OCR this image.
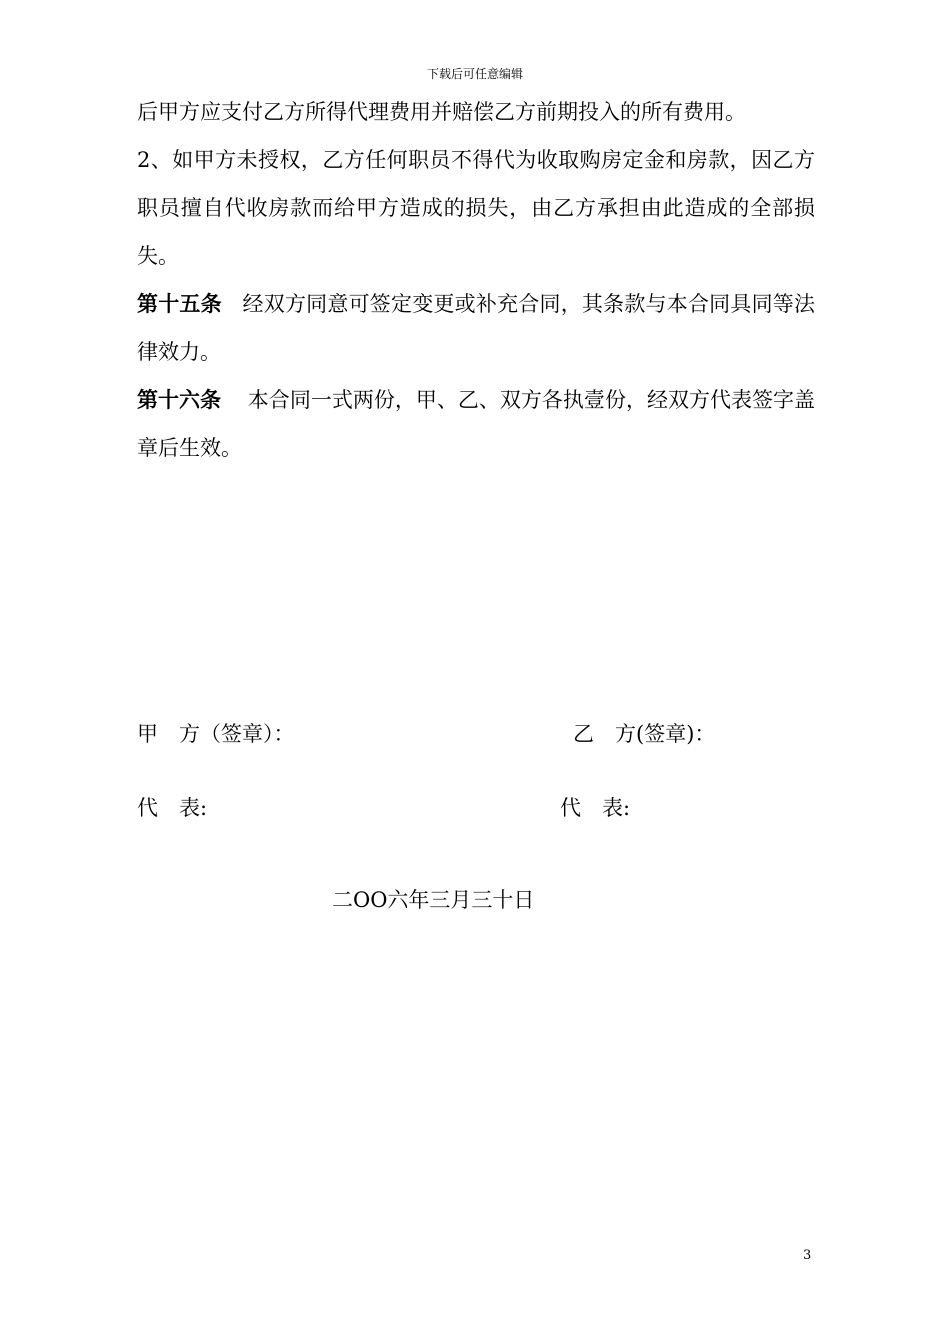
下载后可任意编辑

后甲方应支付乙方所得代理费用并赔偿乙方前期投入的所有费用。

2、如甲方未授权，乙方任何职员不得代为收取购房定金和房款，因乙方职员擅自代收房款而给甲方造成的损失，由乙方承担由此造成的全部损失。

第十五条 经双方同意可签定变更或补充合同，其条款与本合同具同等法律效力。

第十六条 本合同一式两份，甲、乙、双方各执壹份，经双方代表签字盖章后生效。

甲　方（签章）：	乙　方(签章)：
代　表:	代　表:
二OO六年三月三十日
3
